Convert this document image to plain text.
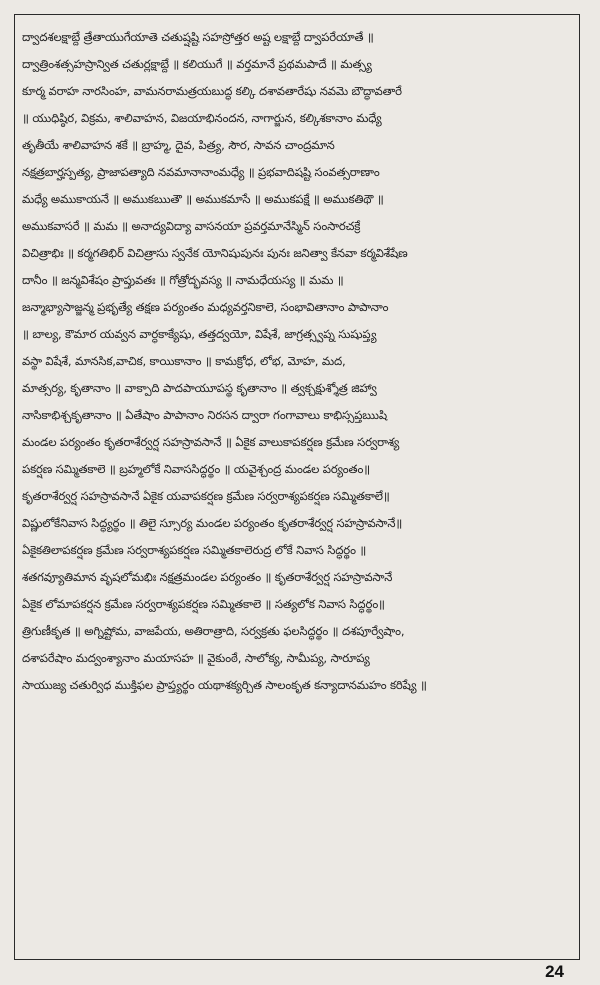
ద్వాదశలక్షాబ్దే త్రేతాయుగేయాతె చతుష్షష్టి సహస్రోత్తర అష్ట లక్షాబ్దే ద్వాపరేయాతే ॥
ద్వాత్రింశత్సహస్రాన్విత చతుర్లక్షాబ్దే ॥ కలియుగే ॥ వర్తమానే ప్రథమపాదే ॥ మత్స్య
కూర్మ వరాహ నారసింహ, వామనరామత్రయబుద్ధ కల్కి దశావతారేషు నవమె బౌద్ధావతారే
॥ యుధిష్ఠిర, విక్రమ, శాలివాహన, విజయాభినందన, నాగార్జున, కల్కిశకానాం మధ్యే
తృతీయే శాలివాహన శకే ॥ బ్రాహ్మ, దైవ, పిత్ర్య, సౌర, సావన చాంద్రమాన
నక్షత్రబార్హస్పత్య, ప్రాజాపత్యాది నవమానానాంమధ్యే ॥ ప్రభవాదిషష్టి సంవత్సరాణాం
మధ్యే అముకాయనే ॥ అముకఋతౌ ॥ అముకమాసే ॥ అముకపక్షే ॥ అముకతిథౌ ॥
అముకవాసరే ॥ మమ ॥ అనాద్యవిద్యా వాసనయా ప్రవర్తమానేస్మిన్ సంసారచక్రే
విచిత్రాభిః ॥ కర్మగతిభిర్ విచిత్రాసు స్వనేక యోనిషుపునః పునః జనిత్వా కేనవా కర్మవిశేషేణ
దానీం ॥ జన్మవిశేషం ప్రాప్తువతః ॥ గోత్రోద్భవస్య ॥ నామధేయస్య ॥ మమ ॥
జన్మాభ్యాసాజ్జన్మ ప్రభృత్యే తక్షణ పర్యంతం మధ్యవర్తనికాలె, సంభావితానాం పాపానాం
॥ బాల్య, కౌమార యవ్వన వార్ధకాక్యేషు, తత్తద్వయో, విషేశే, జాగ్రత్స్వప్న సుషుప్త్య
వస్థా విషేశే, మానసిక,వాచిక, కాయికానాం ॥ కామక్రోధ, లోభ, మోహ, మద,
మాత్సర్య, కృతానాం ॥ వాక్పాది పాదపాయూపస్థ కృతానాం ॥ త్వక్చక్షుశ్శోత్ర జిహ్వా
నాసికాభిశ్చకృతానాం ॥ ఏతేషాం పాపానాం నిరసన ద్వారా గంగావాలు కాభిస్సప్తఋషి
మండల పర్యంతం కృతరాశేర్వర్ష సహస్రావసానే ॥ ఏకైక వాలుకాపకర్షణ క్రమేణ సర్వరాశ్య
పకర్షణ సమ్మితకాలె ॥ బ్రహ్మలోకే నివాససిద్ధర్థం ॥ యవైశ్చంద్ర మండల పర్యంతం॥
కృతరాశేర్వర్ష సహస్రావసానే ఏకైక యవాపకర్షణ క్రమేణ సర్వరాశ్యపకర్షణ సమ్మితకాలే॥
విష్ణులోకేనివాస సిద్ధ్యర్థం ॥ తిలై స్సూర్య మండల పర్యంతం కృతరాశేర్వర్ష సహస్రావసానే॥
ఏకైకతిలాపకర్షణ క్రమేణ సర్వరాశ్యపకర్షణ సమ్మితకాలెరుద్ర లోకే నివాస సిద్ధర్థం ॥
శతగవ్యూతిమాన వృషలోమభిః నక్షత్రమండల పర్యంతం ॥ కృతరాశేర్వర్ష సహస్రావసానే
ఏకైక లోమాపకర్షన క్రమేణ సర్వరాశ్యపకర్షణ సమ్మితకాలె ॥ సత్యలోక నివాస సిద్ధర్థం॥
త్రిగుణీకృత ॥ అగ్నిష్టోమ, వాజపేయ, అతిరాత్రాది, సర్వక్రతు ఫలసిద్ధర్థం ॥ దశపూర్వేషాం,
దశాపరేషాం మద్వంశ్యానాం మయాసహ ॥ వైకుంఠే, సాలోక్య, సామీప్య, సారూప్య
సాయుజ్య చతుర్విధ ముక్తిఫల ప్రాప్త్యర్థం యథాశక్యర్చిత సాలంకృత కన్యాదానమహం కరిష్యే ॥
24
